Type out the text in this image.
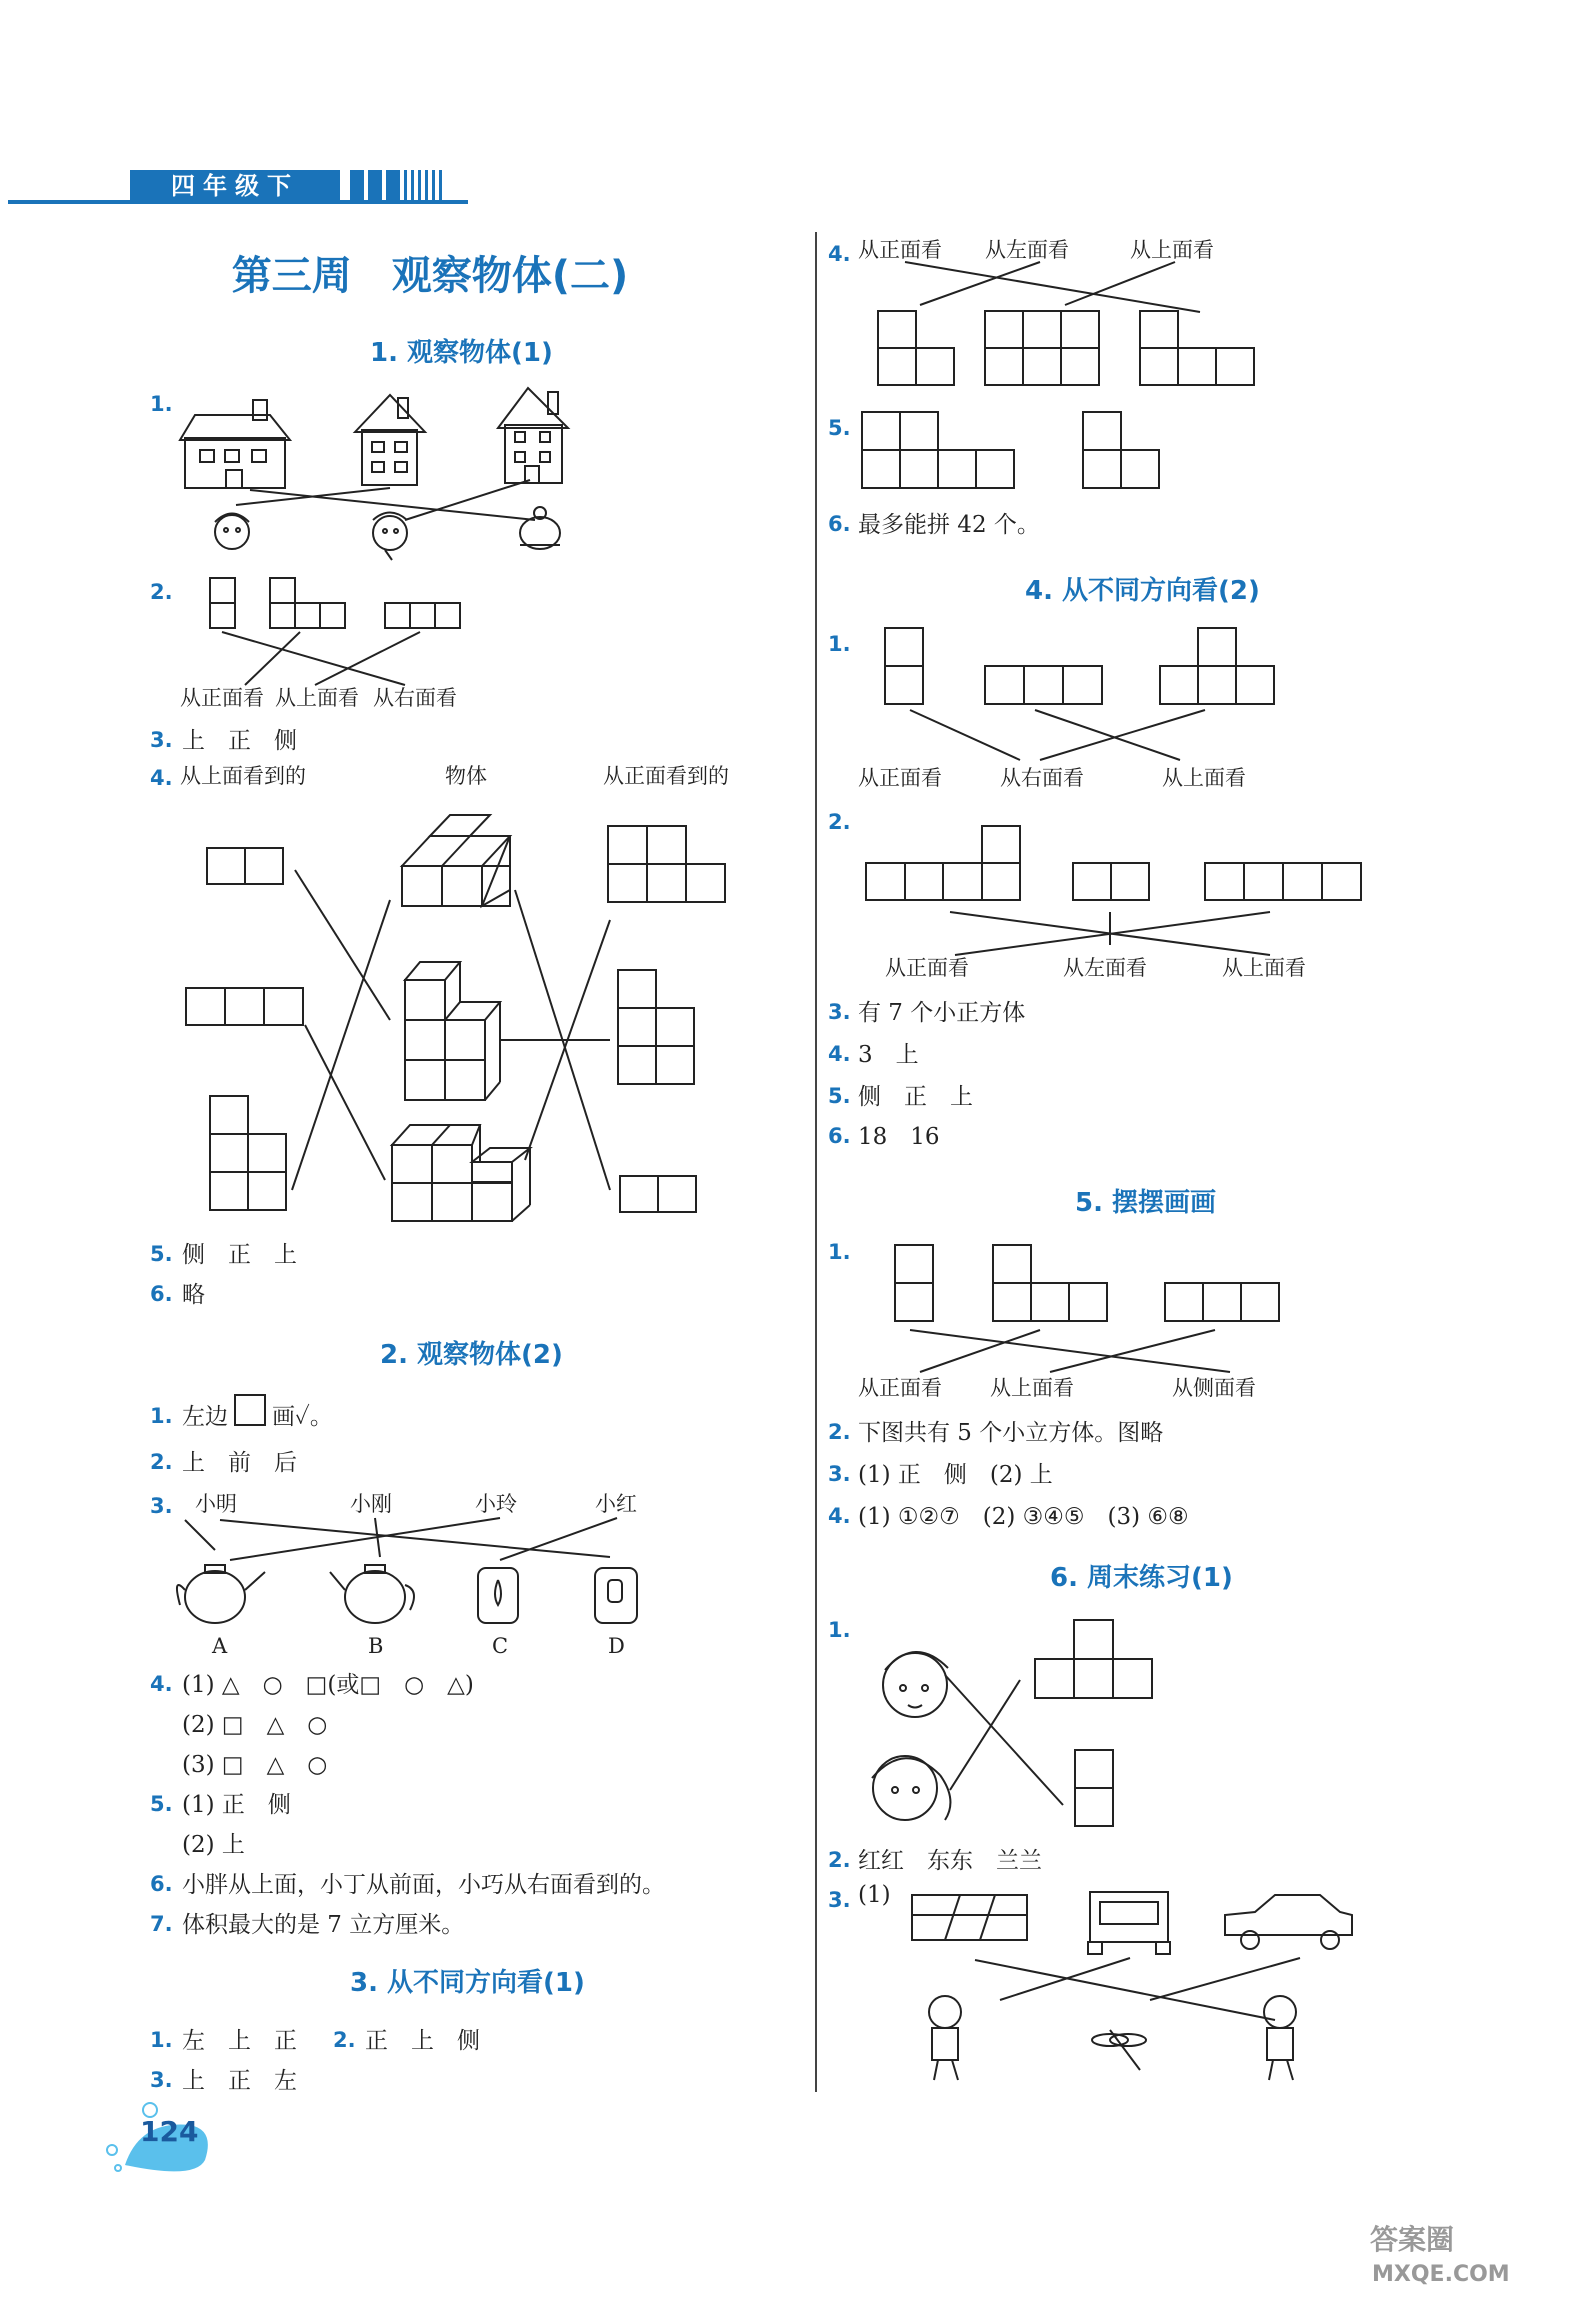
四年级下
第三周　观察物体(二)
1. 观察物体(1)
1.
2.
从正面看 从上面看 从右面看
3. 上　正　侧
4. 从上面看到的	物体	从正面看到的
5. 侧　正　上
6. 略
2. 观察物体(2)
1. 左边 画✓。
2. 上　前　后
3. 小明	小刚	小玲	小红
A	B	C	D
4. (1) △　○　□(或□　○　△)
(2) □　△　○
(3) □　△　○
5. (1) 正　侧
(2) 上
6. 小胖从上面，小丁从前面，小巧从右面看到的。
7. 体积最大的是 7 立方厘米。
3. 从不同方向看(1)
1. 左　上　正 2. 正　上　侧
3. 上　正　左
4. 从正面看 从左面看	从上面看
5.
6. 最多能拼 42 个。
4. 从不同方向看(2)
1.
从正面看	从右面看	从上面看
2.
从正面看	从左面看	从上面看
3. 有 7 个小正方体
4. 3　上
5. 侧　正　上
6. 18　16
5. 摆摆画画
1.
从正面看 从上面看	从侧面看
2. 下图共有 5 个小立方体。图略
3. (1) 正　侧　(2) 上
4. (1) ①②⑦　(2) ③④⑤　(3) ⑥⑧
6. 周末练习(1)
1.
2. 红红　东东　兰兰
3. (1)
124
答案圈
MXQE.COM
